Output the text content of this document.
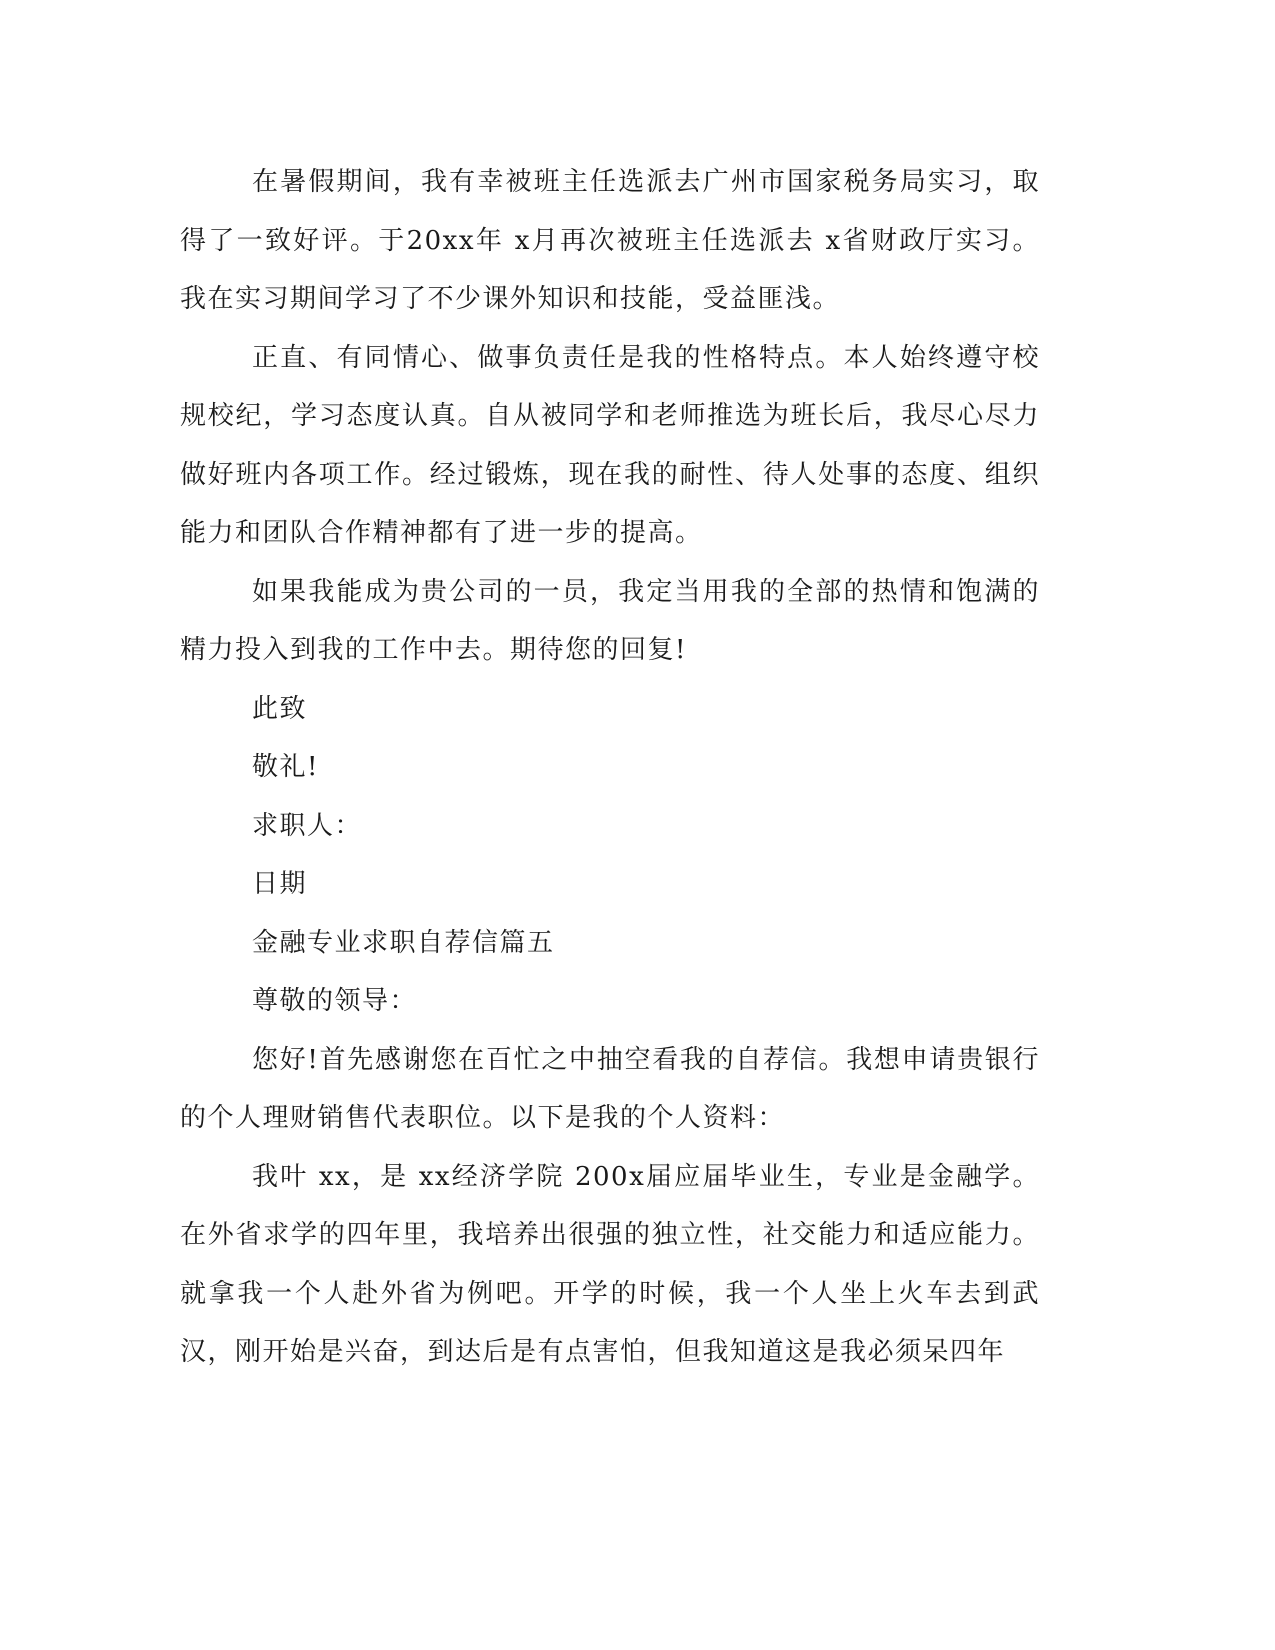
在暑假期间，我有幸被班主任选派去广州市国家税务局实习，取得了一致好评。于20xx年 x月再次被班主任选派去 x省财政厅实习。我在实习期间学习了不少课外知识和技能，受益匪浅。

正直、有同情心、做事负责任是我的性格特点。本人始终遵守校规校纪，学习态度认真。自从被同学和老师推选为班长后，我尽心尽力做好班内各项工作。经过锻炼，现在我的耐性、待人处事的态度、组织能力和团队合作精神都有了进一步的提高。

如果我能成为贵公司的一员，我定当用我的全部的热情和饱满的精力投入到我的工作中去。期待您的回复!

此致

敬礼!

求职人：

日期

金融专业求职自荐信篇五

尊敬的领导：

您好!首先感谢您在百忙之中抽空看我的自荐信。我想申请贵银行的个人理财销售代表职位。以下是我的个人资料：

我叶 xx，是 xx经济学院 200x届应届毕业生，专业是金融学。在外省求学的四年里，我培养出很强的独立性，社交能力和适应能力。就拿我一个人赴外省为例吧。开学的时候，我一个人坐上火车去到武汉，刚开始是兴奋，到达后是有点害怕，但我知道这是我必须呆四年
